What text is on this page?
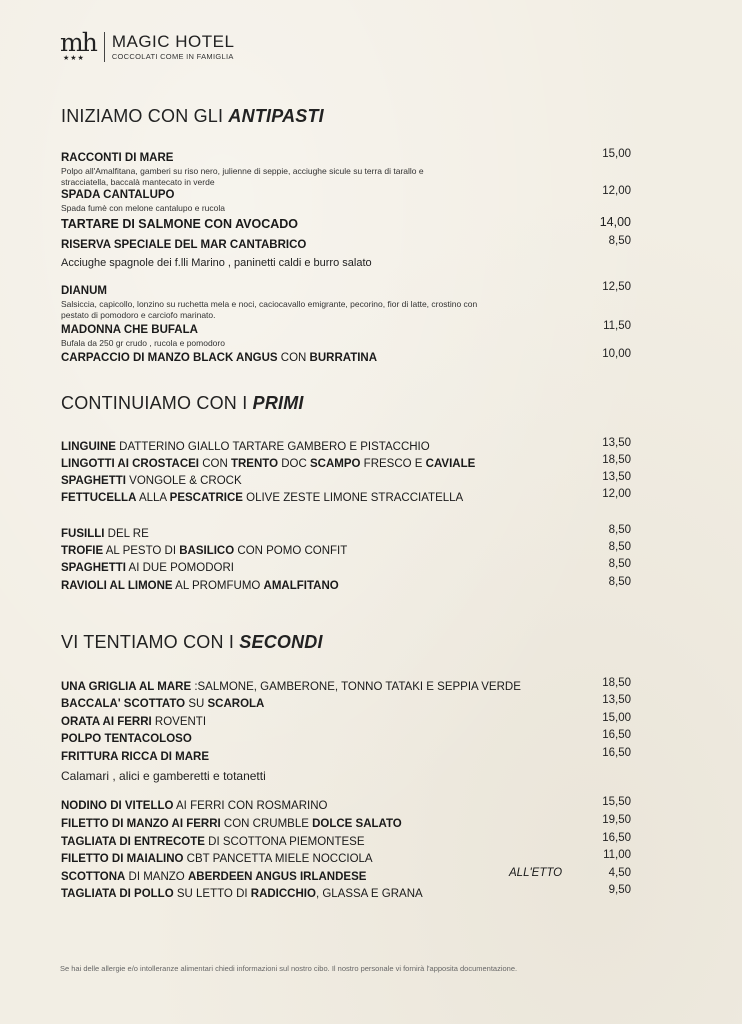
mh
★★★
MAGIC HOTEL
COCCOLATI COME IN FAMIGLIA
INIZIAMO CON GLI ANTIPASTI
RACCONTI DI MARE	15,00
Polpo all'Amalfitana, gamberi su riso nero, julienne di seppie, acciughe sicule su terra di tarallo e stracciatella, baccalà mantecato in verde
SPADA CANTALUPO	12,00
Spada fumè con melone cantalupo e rucola
TARTARE DI SALMONE CON AVOCADO	14,00
RISERVA SPECIALE DEL MAR CANTABRICO	8,50
Acciughe spagnole dei f.lli Marino , paninetti caldi e burro salato
DIANUM	12,50
Salsiccia, capicollo, lonzino su ruchetta mela e noci, caciocavallo emigrante, pecorino, fior di latte, crostino con pestato di pomodoro e carciofo marinato.
MADONNA CHE BUFALA	11,50
Bufala da 250 gr crudo , rucola e pomodoro
CARPACCIO DI MANZO BLACK ANGUS CON BURRATINA	10,00
CONTINUIAMO CON I PRIMI
VI TENTIAMO CON I SECONDI
Se hai delle allergie e/o intolleranze alimentari chiedi informazioni sul nostro cibo. Il nostro personale vi fornirà l'apposita documentazione.
LINGUINE DATTERINO GIALLO TARTARE GAMBERO E PISTACCHIO	13,50
LINGOTTI AI CROSTACEI CON TRENTO DOC SCAMPO FRESCO E CAVIALE	18,50
SPAGHETTI VONGOLE & CROCK	13,50
FETTUCELLA ALLA PESCATRICE OLIVE ZESTE LIMONE STRACCIATELLA	12,00
FUSILLI DEL RE	8,50
TROFIE AL PESTO DI BASILICO CON POMO CONFIT	8,50
SPAGHETTI AI DUE POMODORI	8,50
RAVIOLI AL LIMONE AL PROMFUMO AMALFITANO	8,50
UNA GRIGLIA AL MARE :SALMONE, GAMBERONE, TONNO TATAKI E SEPPIA VERDE	18,50
BACCALA' SCOTTATO SU SCAROLA	13,50
ORATA AI FERRI ROVENTI	15,00
POLPO TENTACOLOSO	16,50
FRITTURA RICCA DI MARE	16,50
Calamari , alici e gamberetti e totanetti
NODINO DI VITELLO AI FERRI CON ROSMARINO	15,50
FILETTO DI MANZO AI FERRI CON CRUMBLE DOLCE SALATO	19,50
TAGLIATA DI ENTRECOTE DI SCOTTONA PIEMONTESE	16,50
FILETTO DI MAIALINO CBT PANCETTA MIELE NOCCIOLA	11,00
SCOTTONA DI MANZO ABERDEEN ANGUS IRLANDESE	ALL'ETTO	4,50
TAGLIATA DI POLLO SU LETTO DI RADICCHIO, GLASSA E GRANA	9,50
